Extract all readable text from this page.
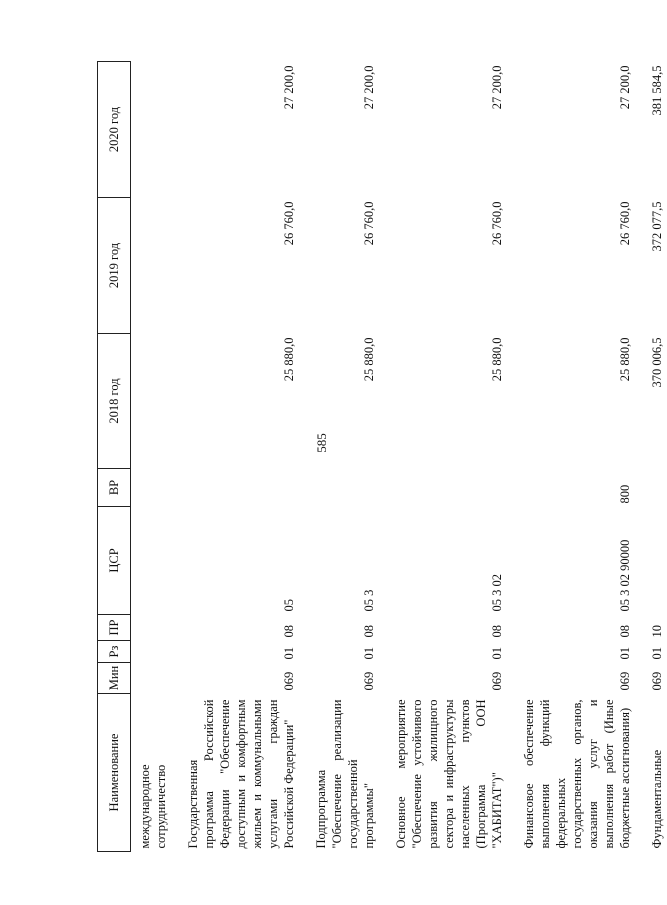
585
Наименование	Мин	Рз	ПР	ЦСР	ВР	2018 год	2019 год	2020 год
международное сотрудничество								
Государственная программа Российской Федерации "Обеспечение доступным и комфортным жильем и коммунальными услугами граждан Российской Федерации"	069	01	08	05		25 880,0	26 760,0	27 200,0
Подпрограмма "Обеспечение реализации государственной программы"	069	01	08	05 3		25 880,0	26 760,0	27 200,0
Основное мероприятие "Обеспечение устойчивого развития жилищного сектора и инфраструктуры населенных пунктов (Программа ООН "ХАБИТАТ")"	069	01	08	05 3 02		25 880,0	26 760,0	27 200,0
Финансовое обеспечение выполнения функций федеральных государственных органов, оказания услуг и выполнения работ (Иные бюджетные ассигнования)	069	01	08	05 3 02 90000	800	25 880,0	26 760,0	27 200,0
Фундаментальные	069	01	10			370 006,5	372 077,5	381 584,5
